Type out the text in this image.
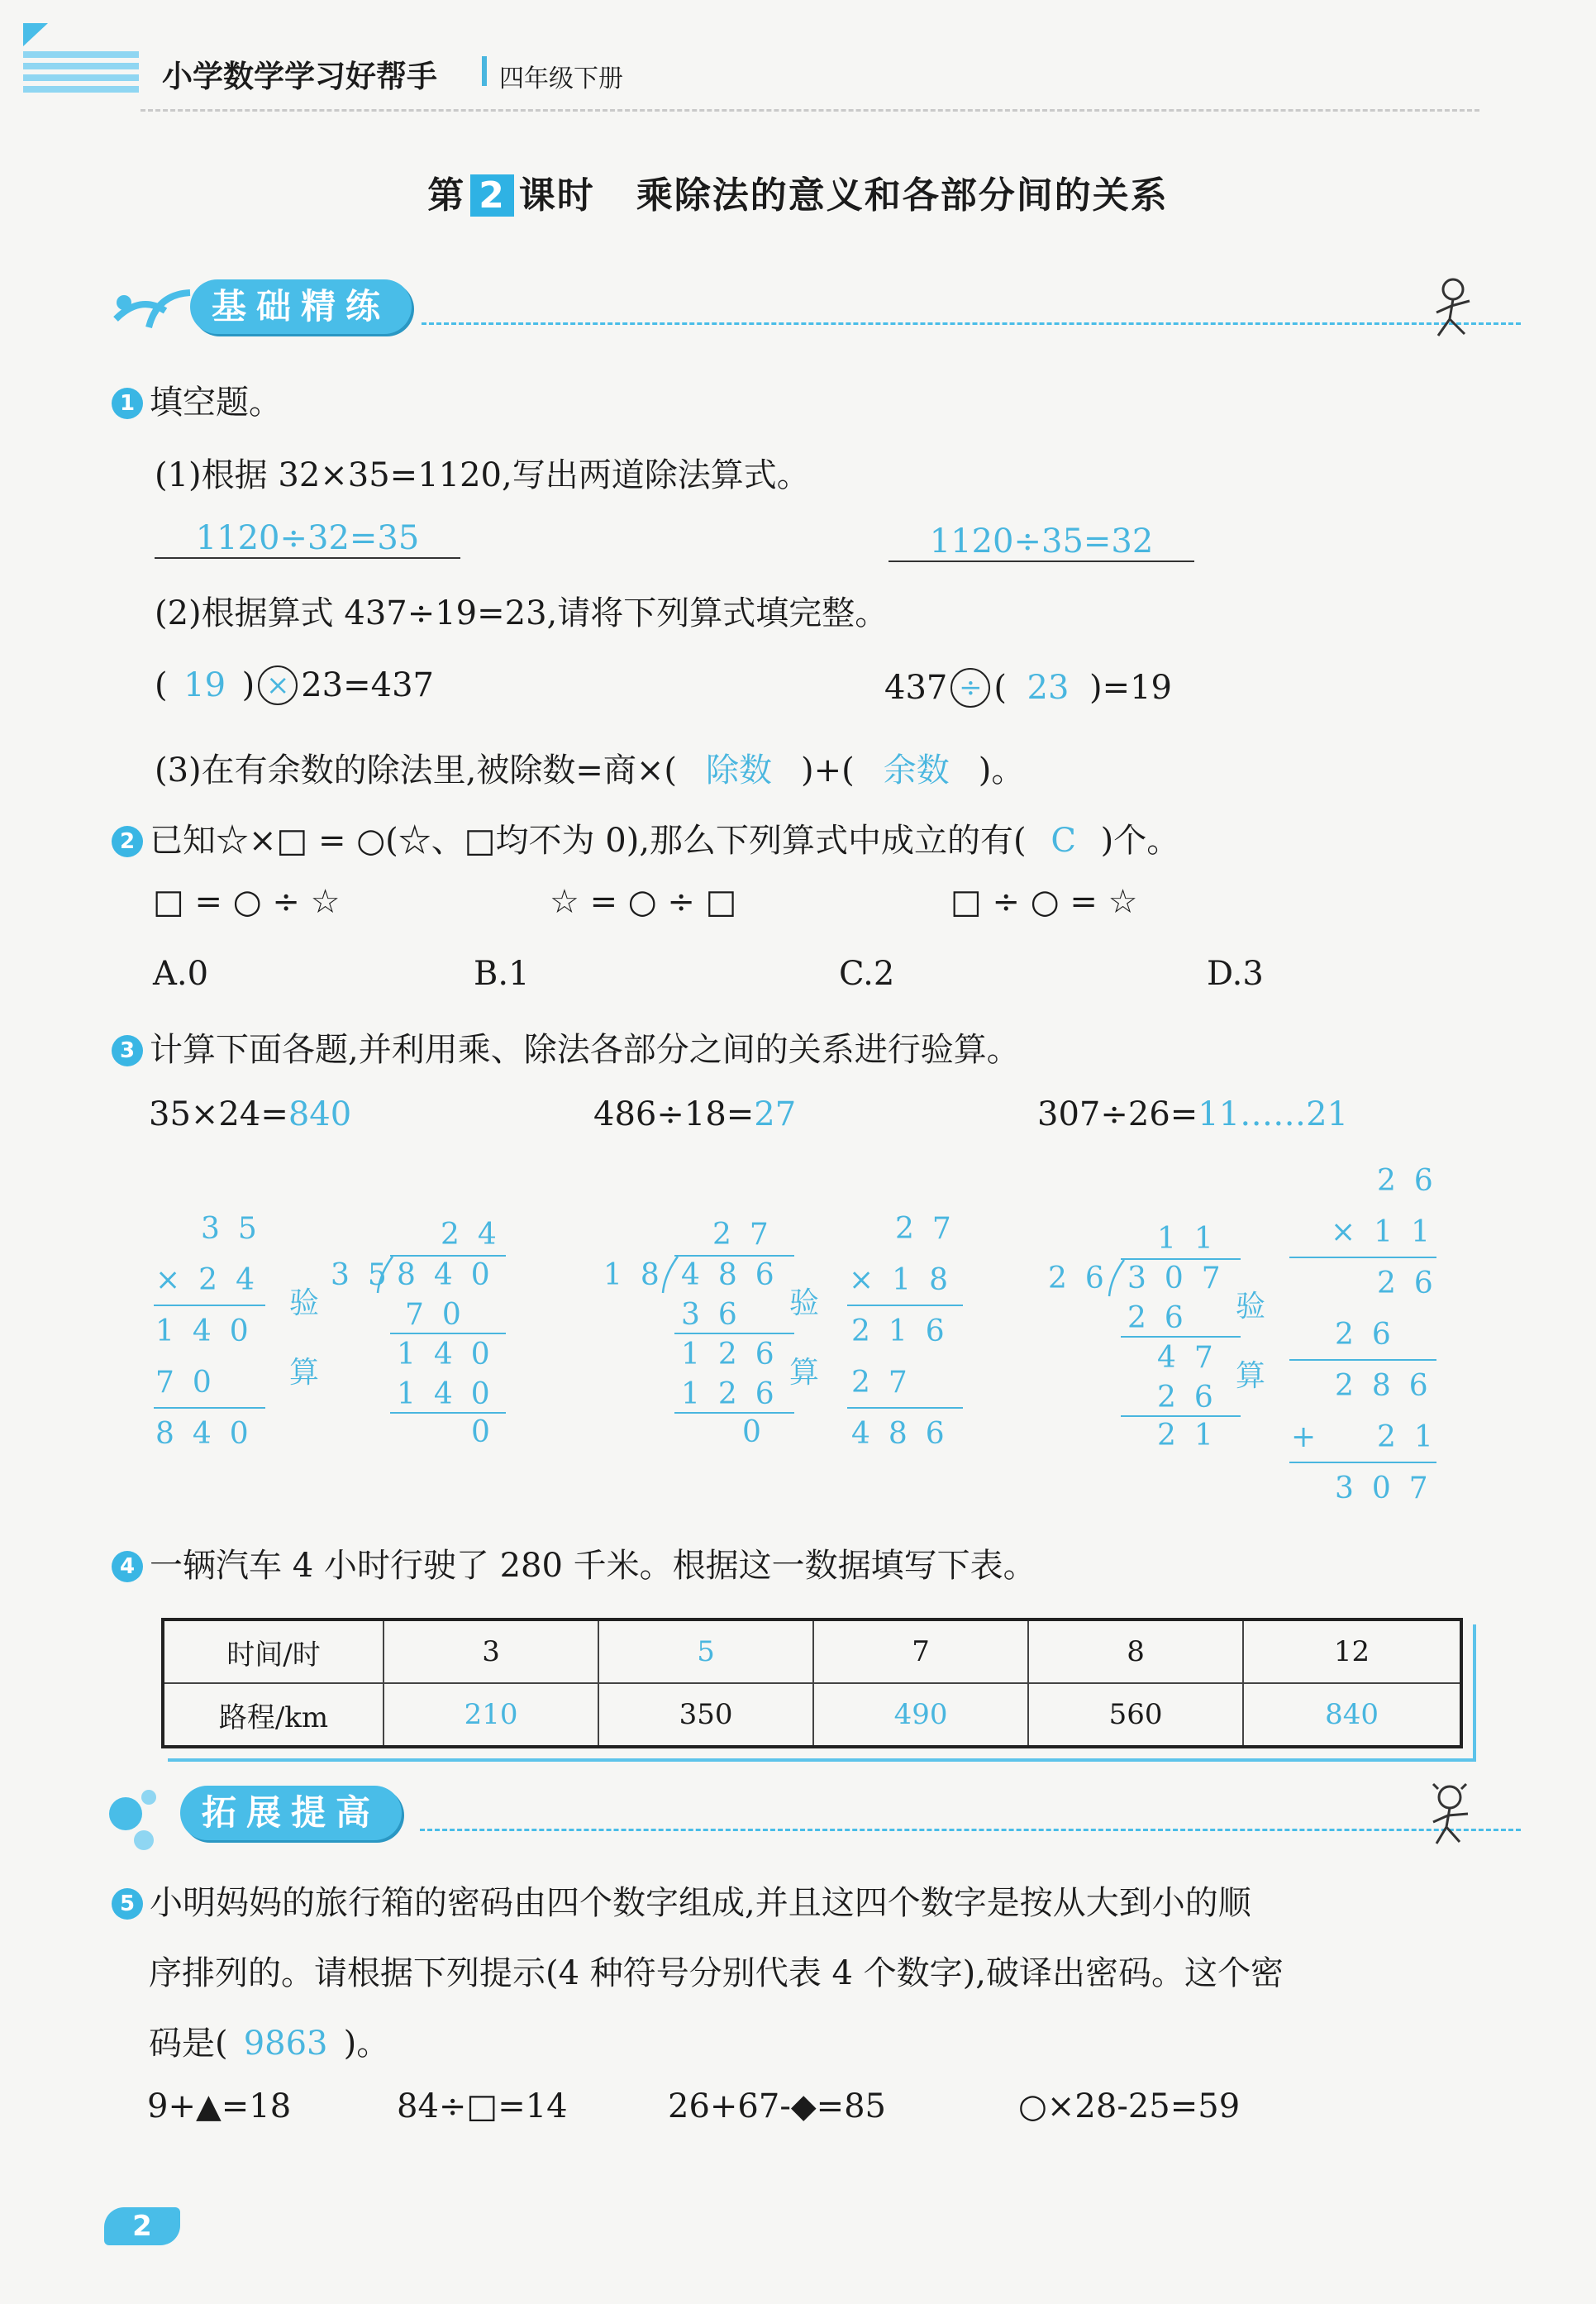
小学数学学习好帮手	四年级下册
第 2 课时 乘除法的意义和各部分间的关系
基础精练
1 填空题。
(1)根据 32×35=1120,写出两道除法算式。
1120÷32=35	1120÷35=32
(2)根据算式 437÷19=23,请将下列算式填完整。
( 19 ) × 23=437	437 ÷ ( 23 )=19
(3)在有余数的除法里,被除数=商×( 除数 )+( 余数 )。
2 已知☆×□ = ○(☆、□均不为 0),那么下列算式中成立的有( C )个。
□ = ○ ÷ ☆	☆ = ○ ÷ □	□ ÷ ○ = ☆
A.0	B.1	C.2	D.3
3 计算下面各题,并利用乘、除法各部分之间的关系进行验算。
35×24=840	486÷18=27	307÷26=11……21
35
×24
140
70
840
验
算
24
35
840
70
140
140
0
27
18 486
36
126
126
0
验
算
27
×18
216
27
486
11
26 307
26
47
26
21
验
算
26
×11
26
26
286
+ 21
307
4 一辆汽车 4 小时行驶了 280 千米。根据这一数据填写下表。
时间/时	3	5	7	8	12
路程/km	210	350	490	560	840
拓展提高
5 小明妈妈的旅行箱的密码由四个数字组成,并且这四个数字是按从大到小的顺
序排列的。请根据下列提示(4 种符号分别代表 4 个数字),破译出密码。这个密
码是( 9863 )。
9+▲=18	84÷□=14	26+67-◆=85	○×28-25=59
2
